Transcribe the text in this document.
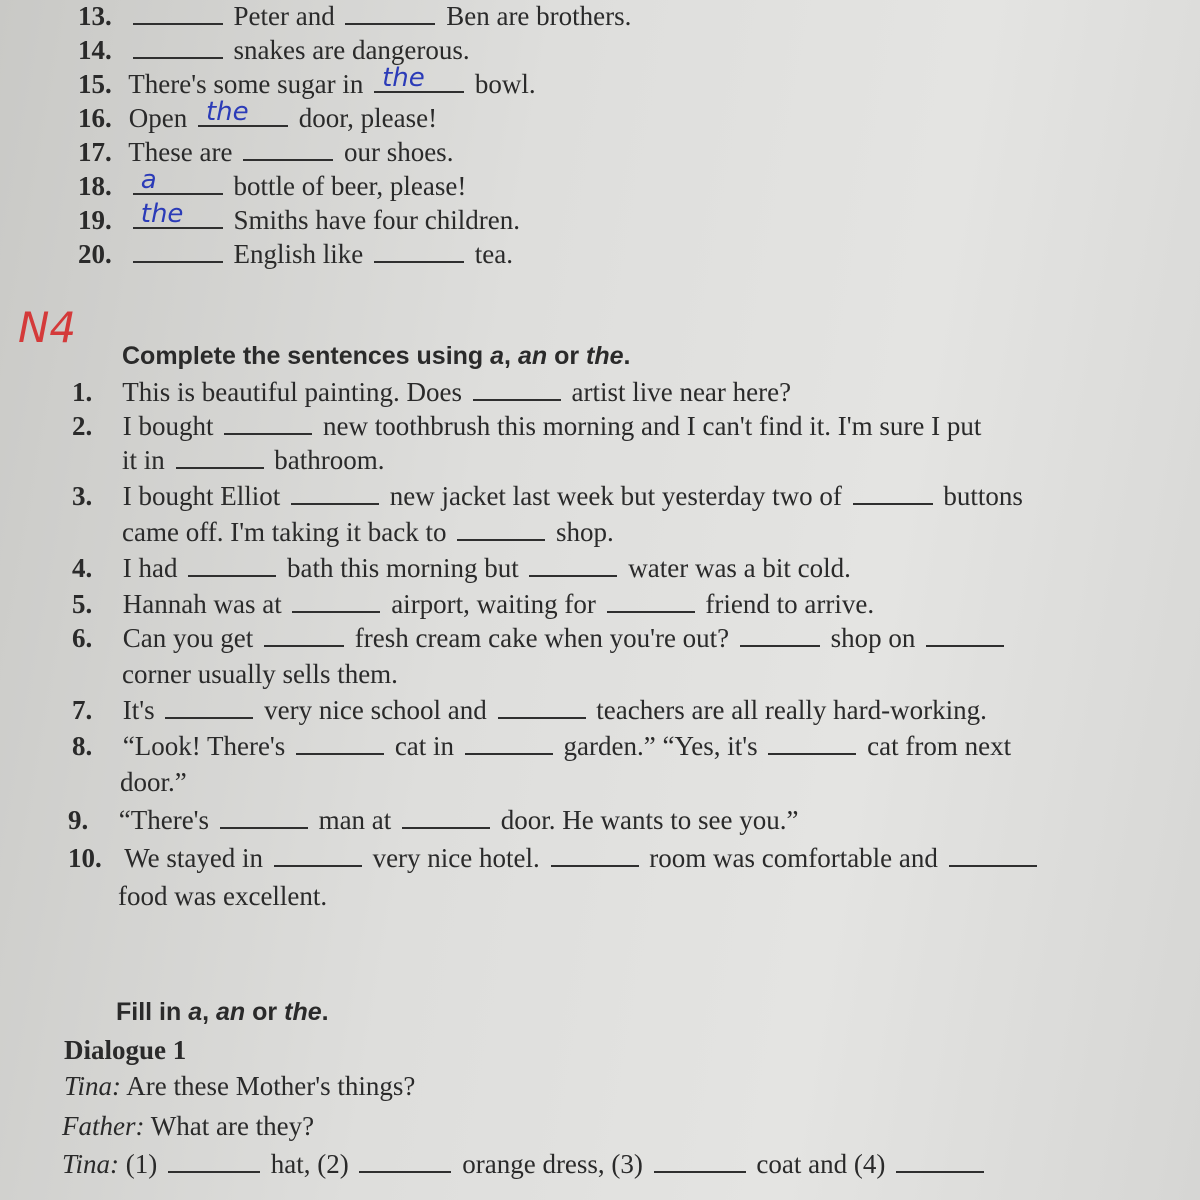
13.	Peter and	Ben are brothers.
14.	snakes are dangerous.
15. There's some sugar in the bowl.
16. Open the door, please!
17. These are	our shoes.
18. a	bottle of beer, please!
19. the Smiths have four children.
20.	English like	tea.
N4
Complete the sentences using a, an or the.
1. This is beautiful painting. Does	artist live near here?
2. I bought	new toothbrush this morning and I can't find it. I'm sure I put
it in	bathroom.
3. I bought Elliot	new jacket last week but yesterday two of	buttons
came off. I'm taking it back to	shop.
4. I had	bath this morning but	water was a bit cold.
5. Hannah was at	airport, waiting for	friend to arrive.
6. Can you get	fresh cream cake when you're out?	shop on
corner usually sells them.
7. It's	very nice school and	teachers are all really hard-working.
8. “Look! There's	cat in	garden.” “Yes, it's	cat from next
door.”
9. “There's	man at	door. He wants to see you.”
10. We stayed in	very nice hotel.	room was comfortable and
food was excellent.
Fill in a, an or the.
Dialogue 1
Tina: Are these Mother's things?
Father: What are they?
Tina: (1)	hat, (2)	orange dress, (3)	coat and (4)
